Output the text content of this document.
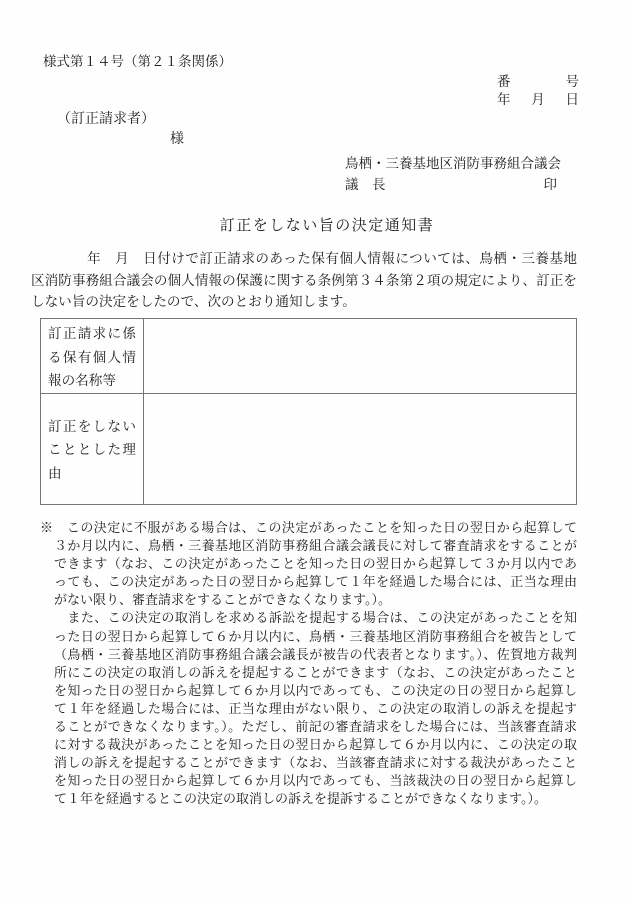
様式第１４号（第２１条関係）
番	号
年 月 日
（訂正請求者）
様
鳥栖・三養基地区消防事務組合議会
議　長	印
訂正をしない旨の決定通知書
　　　　年　月　日付けで訂正請求のあった保有個人情報については、鳥栖・三養基地
区消防事務組合議会の個人情報の保護に関する条例第３４条第２項の規定により、訂正を
しない旨の決定をしたので、次のとおり通知します。
訂正請求に係る保有個人情報の名称等	
訂正をしないこととした理由	
※　この決定に不服がある場合は、この決定があったことを知った日の翌日から起算して
３か月以内に、鳥栖・三養基地区消防事務組合議会議長に対して審査請求をすることが
できます（なお、この決定があったことを知った日の翌日から起算して３か月以内であ
っても、この決定があった日の翌日から起算して１年を経過した場合には、正当な理由
がない限り、審査請求をすることができなくなります。）。
　また、この決定の取消しを求める訴訟を提起する場合は、この決定があったことを知
った日の翌日から起算して６か月以内に、鳥栖・三養基地区消防事務組合を被告として
（鳥栖・三養基地区消防事務組合議会議長が被告の代表者となります。）、佐賀地方裁判
所にこの決定の取消しの訴えを提起することができます（なお、この決定があったこと
を知った日の翌日から起算して６か月以内であっても、この決定の日の翌日から起算し
て１年を経過した場合には、正当な理由がない限り、この決定の取消しの訴えを提起す
ることができなくなります。）。ただし、前記の審査請求をした場合には、当該審査請求
に対する裁決があったことを知った日の翌日から起算して６か月以内に、この決定の取
消しの訴えを提起することができます（なお、当該審査請求に対する裁決があったこと
を知った日の翌日から起算して６か月以内であっても、当該裁決の日の翌日から起算し
て１年を経過するとこの決定の取消しの訴えを提訴することができなくなります。）。
